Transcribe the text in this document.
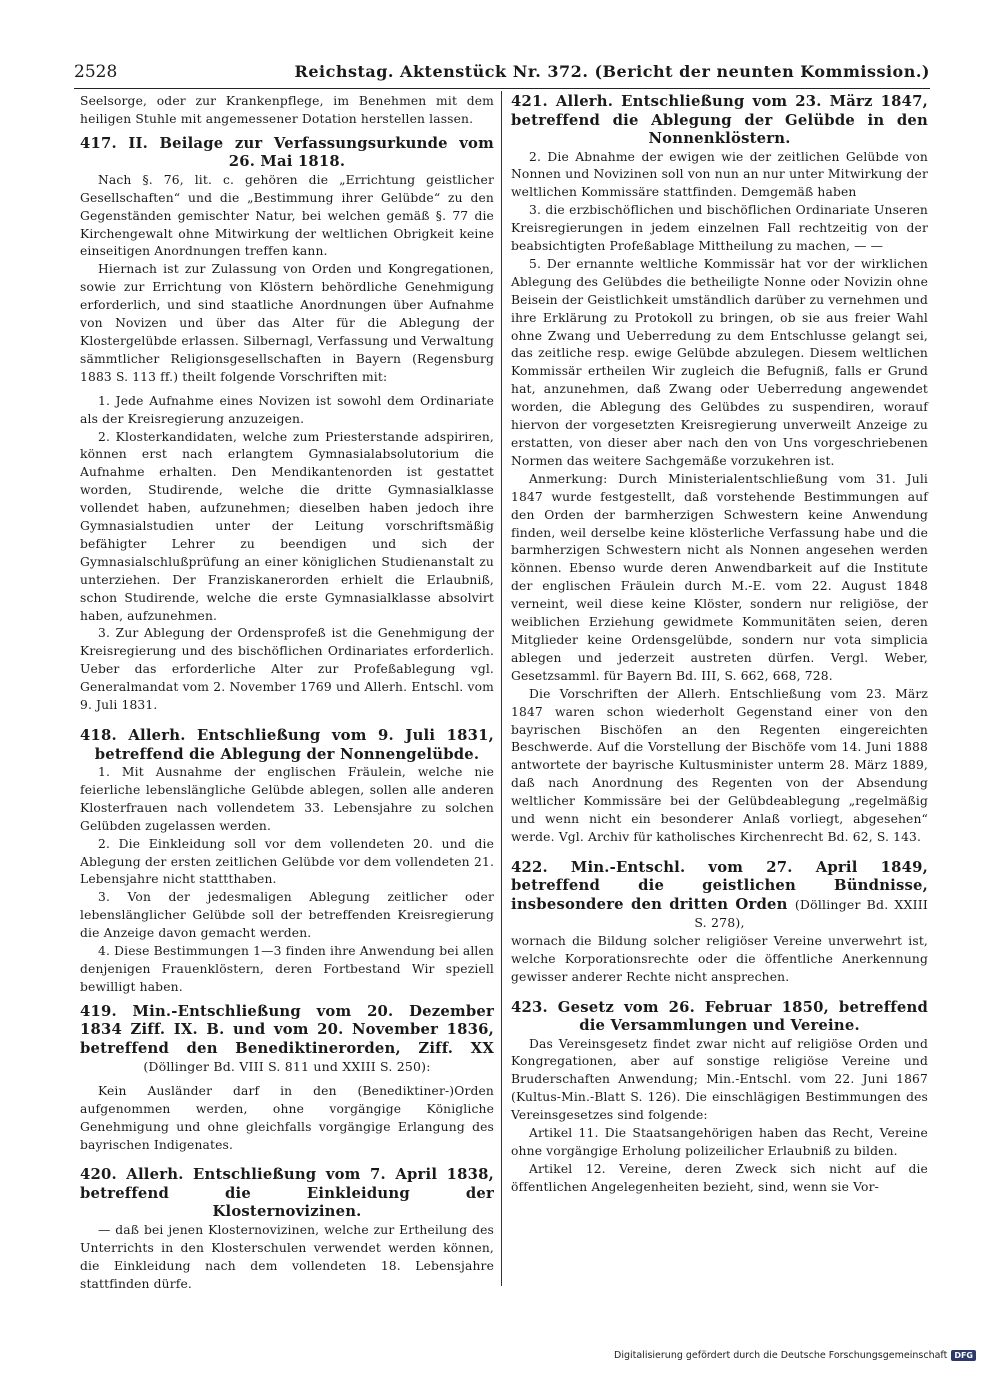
2528	Reichstag. Aktenstück Nr. 372. (Bericht der neunten Kommission.)

Seelsorge, oder zur Krankenpflege, im Benehmen mit dem heiligen Stuhle mit angemessener Dotation herstellen lassen.

417. II. Beilage zur Verfassungsurkunde vom 26. Mai 1818.

Nach §. 76, lit. c. gehören die „Errichtung geistlicher Gesellschaften“ und die „Bestimmung ihrer Gelübde“ zu den Gegenständen gemischter Natur, bei welchen gemäß §. 77 die Kirchengewalt ohne Mitwirkung der weltlichen Obrigkeit keine einseitigen Anordnungen treffen kann.

Hiernach ist zur Zulassung von Orden und Kongregationen, sowie zur Errichtung von Klöstern behördliche Genehmigung erforderlich, und sind staatliche Anordnungen über Aufnahme von Novizen und über das Alter für die Ablegung der Klostergelübde erlassen. Silbernagl, Verfassung und Verwaltung sämmtlicher Religionsgesellschaften in Bayern (Regensburg 1883 S. 113 ff.) theilt folgende Vorschriften mit:

1. Jede Aufnahme eines Novizen ist sowohl dem Ordinariate als der Kreisregierung anzuzeigen.

2. Klosterkandidaten, welche zum Priesterstande adspiriren, können erst nach erlangtem Gymnasialabsolutorium die Aufnahme erhalten. Den Mendikantenorden ist gestattet worden, Studirende, welche die dritte Gymnasialklasse vollendet haben, aufzunehmen; dieselben haben jedoch ihre Gymnasialstudien unter der Leitung vorschriftsmäßig befähigter Lehrer zu beendigen und sich der Gymnasialschlußprüfung an einer königlichen Studienanstalt zu unterziehen. Der Franziskanerorden erhielt die Erlaubniß, schon Studirende, welche die erste Gymnasialklasse absolvirt haben, aufzunehmen.

3. Zur Ablegung der Ordensprofeß ist die Genehmigung der Kreisregierung und des bischöflichen Ordinariates erforderlich. Ueber das erforderliche Alter zur Profeßablegung vgl. Generalmandat vom 2. November 1769 und Allerh. Entschl. vom 9. Juli 1831.

418. Allerh. Entschließung vom 9. Juli 1831, betreffend die Ablegung der Nonnengelübde.

1. Mit Ausnahme der englischen Fräulein, welche nie feierliche lebenslängliche Gelübde ablegen, sollen alle anderen Klosterfrauen nach vollendetem 33. Lebensjahre zu solchen Gelübden zugelassen werden.

2. Die Einkleidung soll vor dem vollendeten 20. und die Ablegung der ersten zeitlichen Gelübde vor dem vollendeten 21. Lebensjahre nicht stattthaben.

3. Von der jedesmaligen Ablegung zeitlicher oder lebenslänglicher Gelübde soll der betreffenden Kreisregierung die Anzeige davon gemacht werden.

4. Diese Bestimmungen 1—3 finden ihre Anwendung bei allen denjenigen Frauenklöstern, deren Fortbestand Wir speziell bewilligt haben.

419. Min.-Entschließung vom 20. Dezember 1834 Ziff. IX. B. und vom 20. November 1836, betreffend den Benediktinerorden, Ziff. XX (Döllinger Bd. VIII S. 811 und XXIII S. 250):

Kein Ausländer darf in den (Benediktiner-)Orden aufgenommen werden, ohne vorgängige Königliche Genehmigung und ohne gleichfalls vorgängige Erlangung des bayrischen Indigenates.

420. Allerh. Entschließung vom 7. April 1838, betreffend die Einkleidung der Klosternovizinen.

— daß bei jenen Klosternovizinen, welche zur Ertheilung des Unterrichts in den Klosterschulen verwendet werden können, die Einkleidung nach dem vollendeten 18. Lebensjahre stattfinden dürfe.

421. Allerh. Entschließung vom 23. März 1847, betreffend die Ablegung der Gelübde in den Nonnenklöstern.

2. Die Abnahme der ewigen wie der zeitlichen Gelübde von Nonnen und Novizinen soll von nun an nur unter Mitwirkung der weltlichen Kommissäre stattfinden. Demgemäß haben

3. die erzbischöflichen und bischöflichen Ordinariate Unseren Kreisregierungen in jedem einzelnen Fall rechtzeitig von der beabsichtigten Profeßablage Mittheilung zu machen, — —

5. Der ernannte weltliche Kommissär hat vor der wirklichen Ablegung des Gelübdes die betheiligte Nonne oder Novizin ohne Beisein der Geistlichkeit umständlich darüber zu vernehmen und ihre Erklärung zu Protokoll zu bringen, ob sie aus freier Wahl ohne Zwang und Ueberredung zu dem Entschlusse gelangt sei, das zeitliche resp. ewige Gelübde abzulegen. Diesem weltlichen Kommissär ertheilen Wir zugleich die Befugniß, falls er Grund hat, anzunehmen, daß Zwang oder Ueberredung angewendet worden, die Ablegung des Gelübdes zu suspendiren, worauf hiervon der vorgesetzten Kreisregierung unverweilt Anzeige zu erstatten, von dieser aber nach den von Uns vorgeschriebenen Normen das weitere Sachgemäße vorzukehren ist.

Anmerkung: Durch Ministerialentschließung vom 31. Juli 1847 wurde festgestellt, daß vorstehende Bestimmungen auf den Orden der barmherzigen Schwestern keine Anwendung finden, weil derselbe keine klösterliche Verfassung habe und die barmherzigen Schwestern nicht als Nonnen angesehen werden können. Ebenso wurde deren Anwendbarkeit auf die Institute der englischen Fräulein durch M.-E. vom 22. August 1848 verneint, weil diese keine Klöster, sondern nur religiöse, der weiblichen Erziehung gewidmete Kommunitäten seien, deren Mitglieder keine Ordensgelübde, sondern nur vota simplicia ablegen und jederzeit austreten dürfen. Vergl. Weber, Gesetzsamml. für Bayern Bd. III, S. 662, 668, 728.

Die Vorschriften der Allerh. Entschließung vom 23. März 1847 waren schon wiederholt Gegenstand einer von den bayrischen Bischöfen an den Regenten eingereichten Beschwerde. Auf die Vorstellung der Bischöfe vom 14. Juni 1888 antwortete der bayrische Kultusminister unterm 28. März 1889, daß nach Anordnung des Regenten von der Absendung weltlicher Kommissäre bei der Gelübdeablegung „regelmäßig und wenn nicht ein besonderer Anlaß vorliegt, abgesehen“ werde. Vgl. Archiv für katholisches Kirchenrecht Bd. 62, S. 143.

422. Min.-Entschl. vom 27. April 1849, betreffend die geistlichen Bündnisse, insbesondere den dritten Orden (Döllinger Bd. XXIII S. 278),

wornach die Bildung solcher religiöser Vereine unverwehrt ist, welche Korporationsrechte oder die öffentliche Anerkennung gewisser anderer Rechte nicht ansprechen.

423. Gesetz vom 26. Februar 1850, betreffend die Versammlungen und Vereine.

Das Vereinsgesetz findet zwar nicht auf religiöse Orden und Kongregationen, aber auf sonstige religiöse Vereine und Bruderschaften Anwendung; Min.-Entschl. vom 22. Juni 1867 (Kultus-Min.-Blatt S. 126). Die einschlägigen Bestimmungen des Vereinsgesetzes sind folgende:

Artikel 11. Die Staatsangehörigen haben das Recht, Vereine ohne vorgängige Erholung polizeilicher Erlaubniß zu bilden.

Artikel 12. Vereine, deren Zweck sich nicht auf die öffentlichen Angelegenheiten bezieht, sind, wenn sie Vor-

Digitalisierung gefördert durch die Deutsche Forschungsgemeinschaft DFG
